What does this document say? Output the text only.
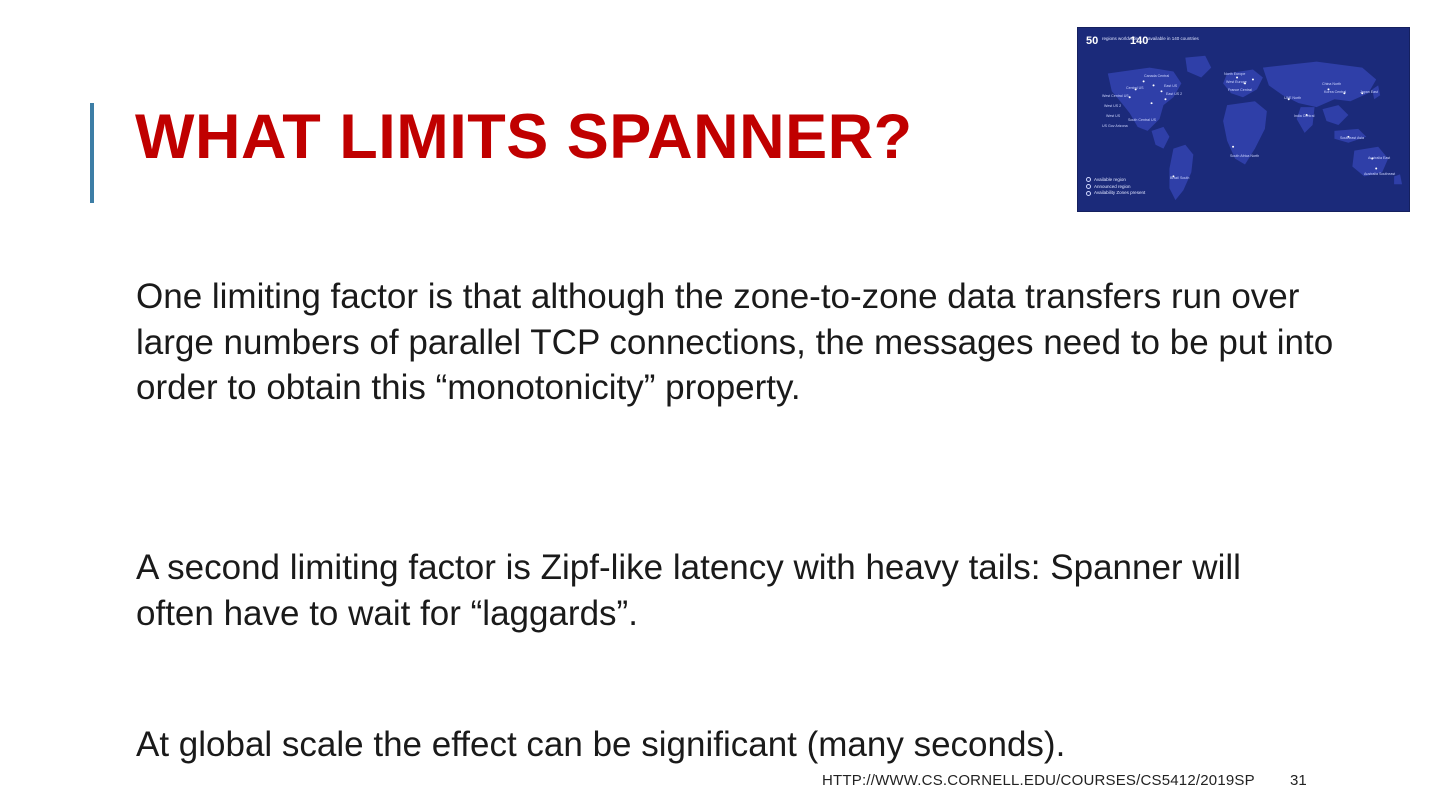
WHAT LIMITS SPANNER?
50 regions worldwide
140 available in 140 countries
Available region
Announced region
Availability Zones present
West Central US
West US 2
West US
US Gov Arizona
Central US
South Central US
Canada Central
East US
East US 2
Brazil South
North Europe
West Europe
France Central
South Africa North
UAE North
India Central
China North
Korea Central	Japan East
Southeast Asia
Australia East
Australia Southeast
One limiting factor is that although the zone-to-zone data transfers run over large numbers of parallel TCP connections, the messages need to be put into order to obtain this “monotonicity” property.
A second limiting factor is Zipf-like latency with heavy tails: Spanner will often have to wait for “laggards”.
At global scale the effect can be significant (many seconds).
HTTP://WWW.CS.CORNELL.EDU/COURSES/CS5412/2019SP 31
